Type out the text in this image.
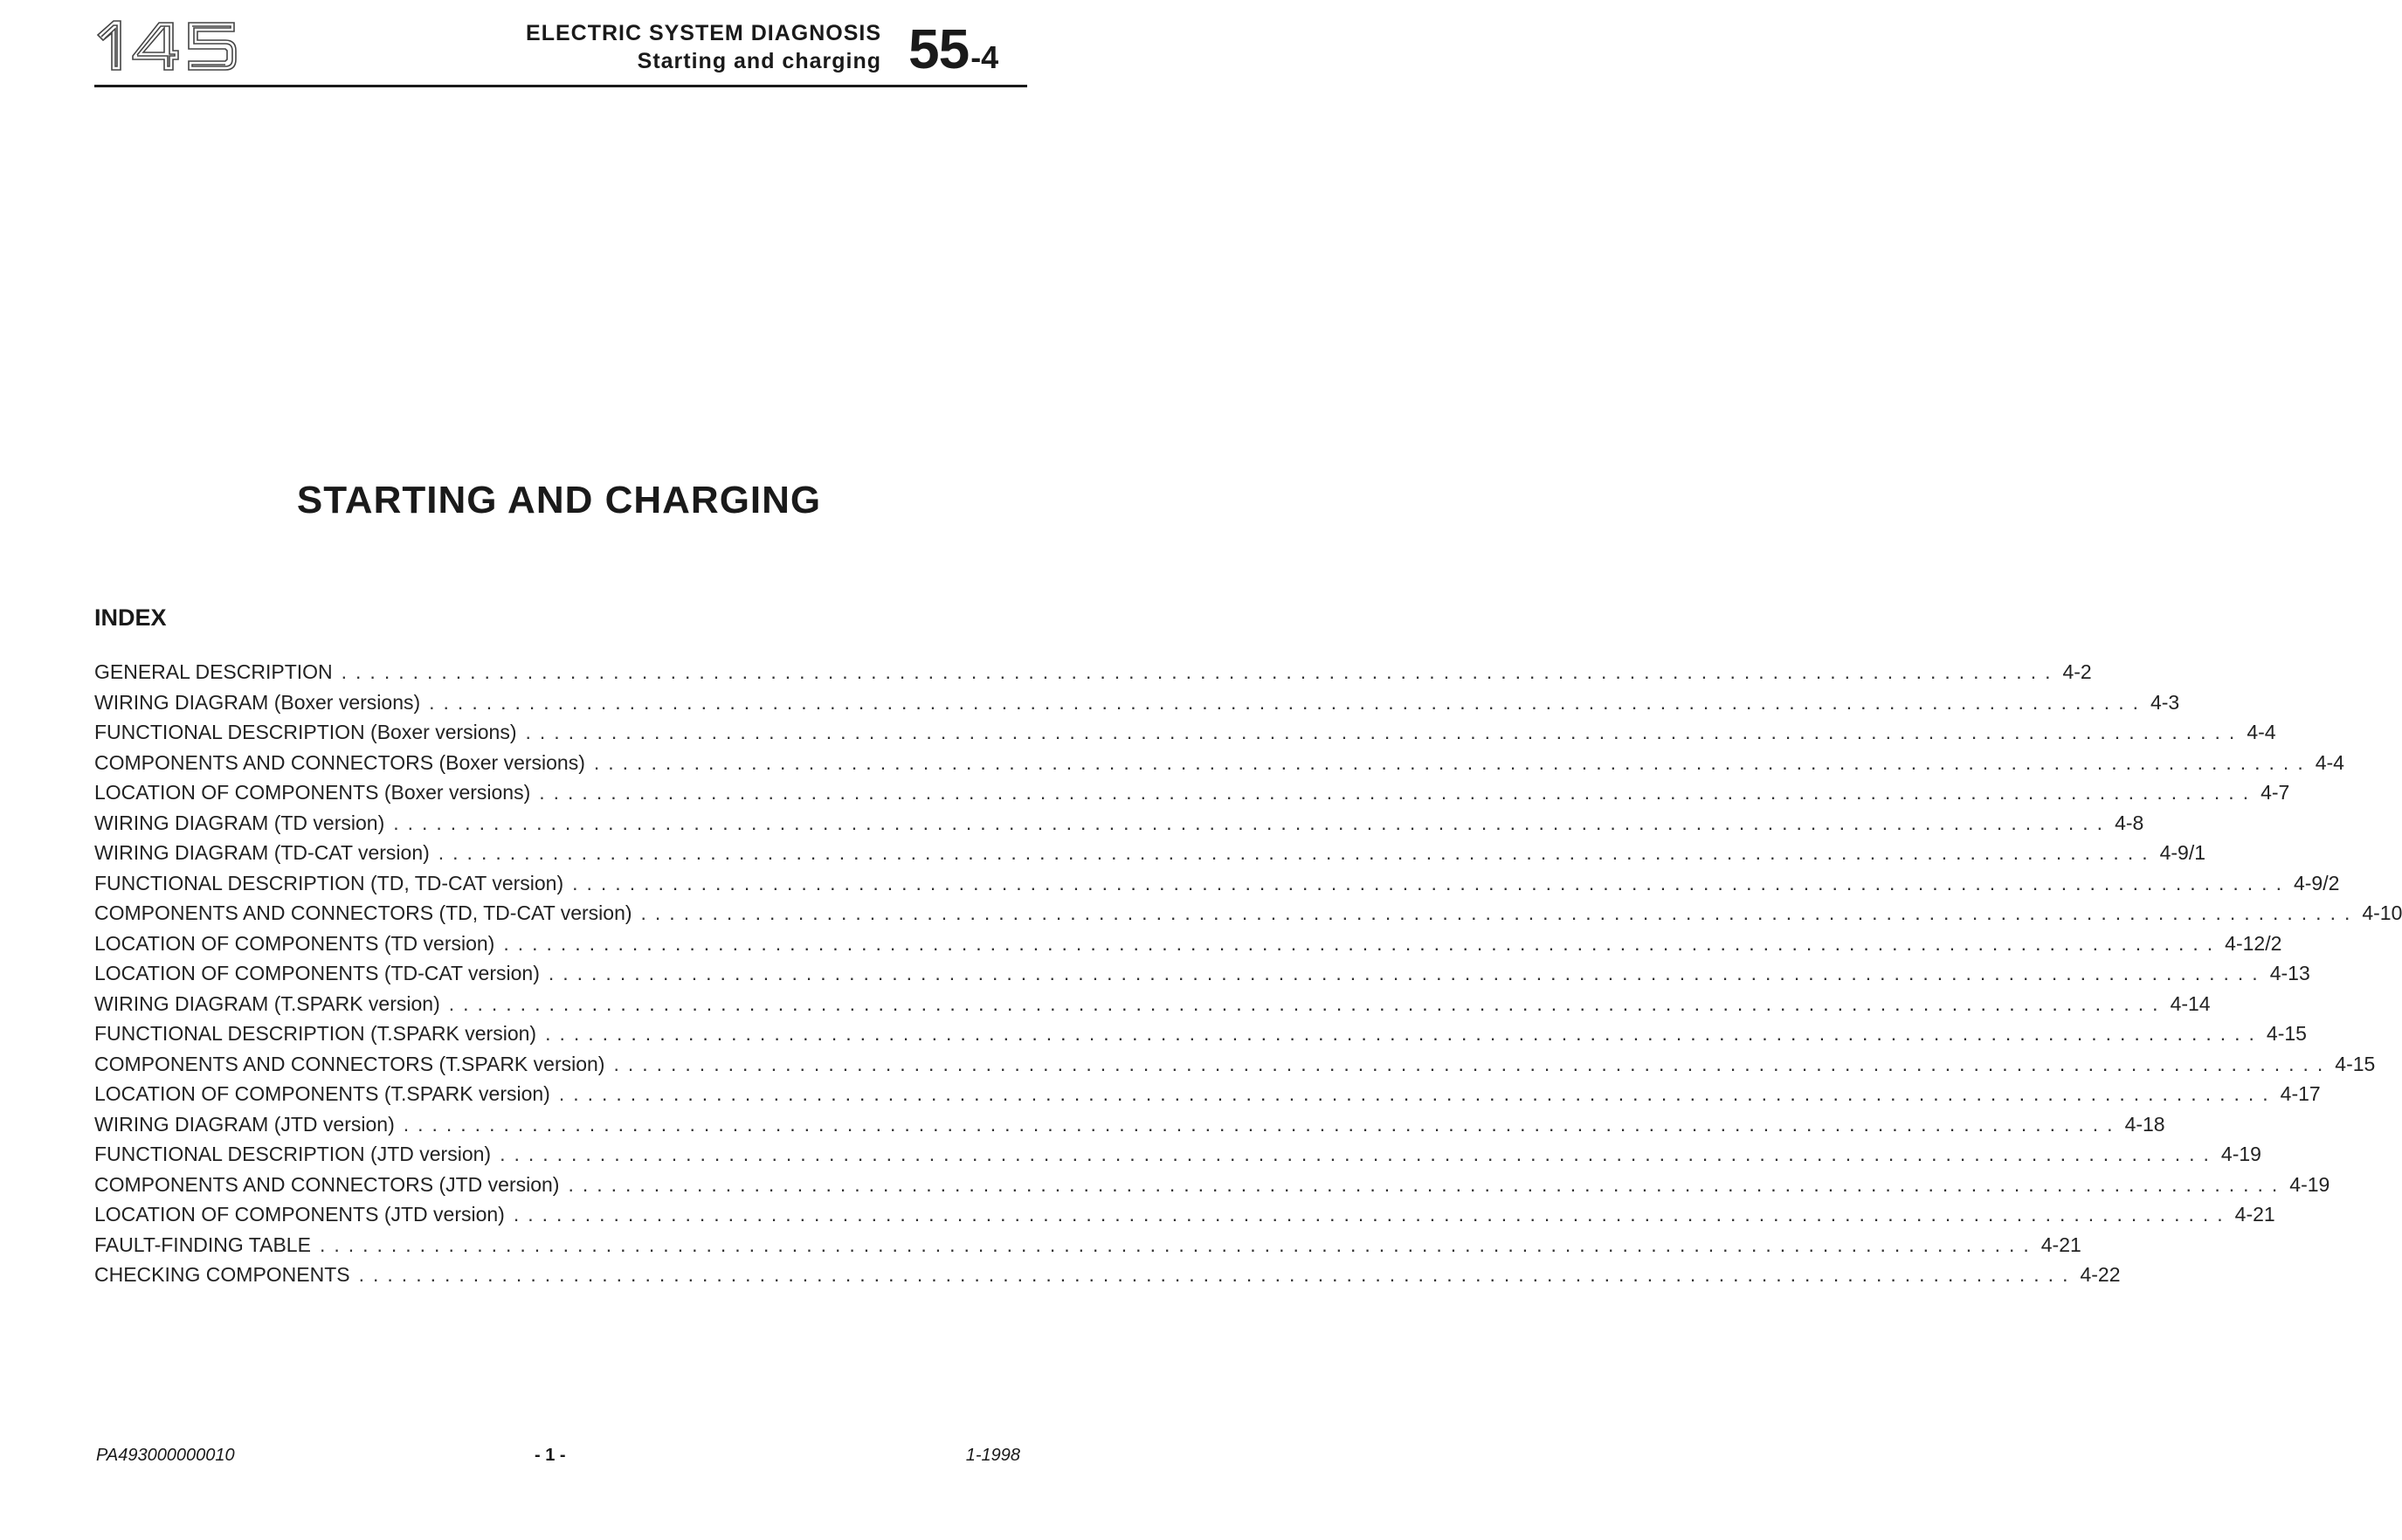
ELECTRIC SYSTEM DIAGNOSIS
Starting and charging 55-4
STARTING AND CHARGING
INDEX
GENERAL DESCRIPTION ........................................................................................................................ 4-2
WIRING DIAGRAM (Boxer versions) ........................................................................................................................ 4-3
FUNCTIONAL DESCRIPTION (Boxer versions) ........................................................................................................................ 4-4
COMPONENTS AND CONNECTORS (Boxer versions) ........................................................................................................................ 4-4
LOCATION OF COMPONENTS (Boxer versions) ........................................................................................................................ 4-7
WIRING DIAGRAM (TD version) ........................................................................................................................ 4-8
WIRING DIAGRAM (TD-CAT version) ........................................................................................................................ 4-9/1
FUNCTIONAL DESCRIPTION (TD, TD-CAT version) ........................................................................................................................ 4-9/2
COMPONENTS AND CONNECTORS (TD, TD-CAT version) ........................................................................................................................ 4-10
LOCATION OF COMPONENTS (TD version) ........................................................................................................................ 4-12/2
LOCATION OF COMPONENTS (TD-CAT version) ........................................................................................................................ 4-13
WIRING DIAGRAM (T.SPARK version) ........................................................................................................................ 4-14
FUNCTIONAL DESCRIPTION (T.SPARK version) ........................................................................................................................ 4-15
COMPONENTS AND CONNECTORS (T.SPARK version) ........................................................................................................................ 4-15
LOCATION OF COMPONENTS (T.SPARK version) ........................................................................................................................ 4-17
WIRING DIAGRAM (JTD version) ........................................................................................................................ 4-18
FUNCTIONAL DESCRIPTION (JTD version) ........................................................................................................................ 4-19
COMPONENTS AND CONNECTORS (JTD version) ........................................................................................................................ 4-19
LOCATION OF COMPONENTS (JTD version) ........................................................................................................................ 4-21
FAULT-FINDING TABLE ........................................................................................................................ 4-21
CHECKING COMPONENTS ........................................................................................................................ 4-22
PA493000000010	- 1 -	1-1998
